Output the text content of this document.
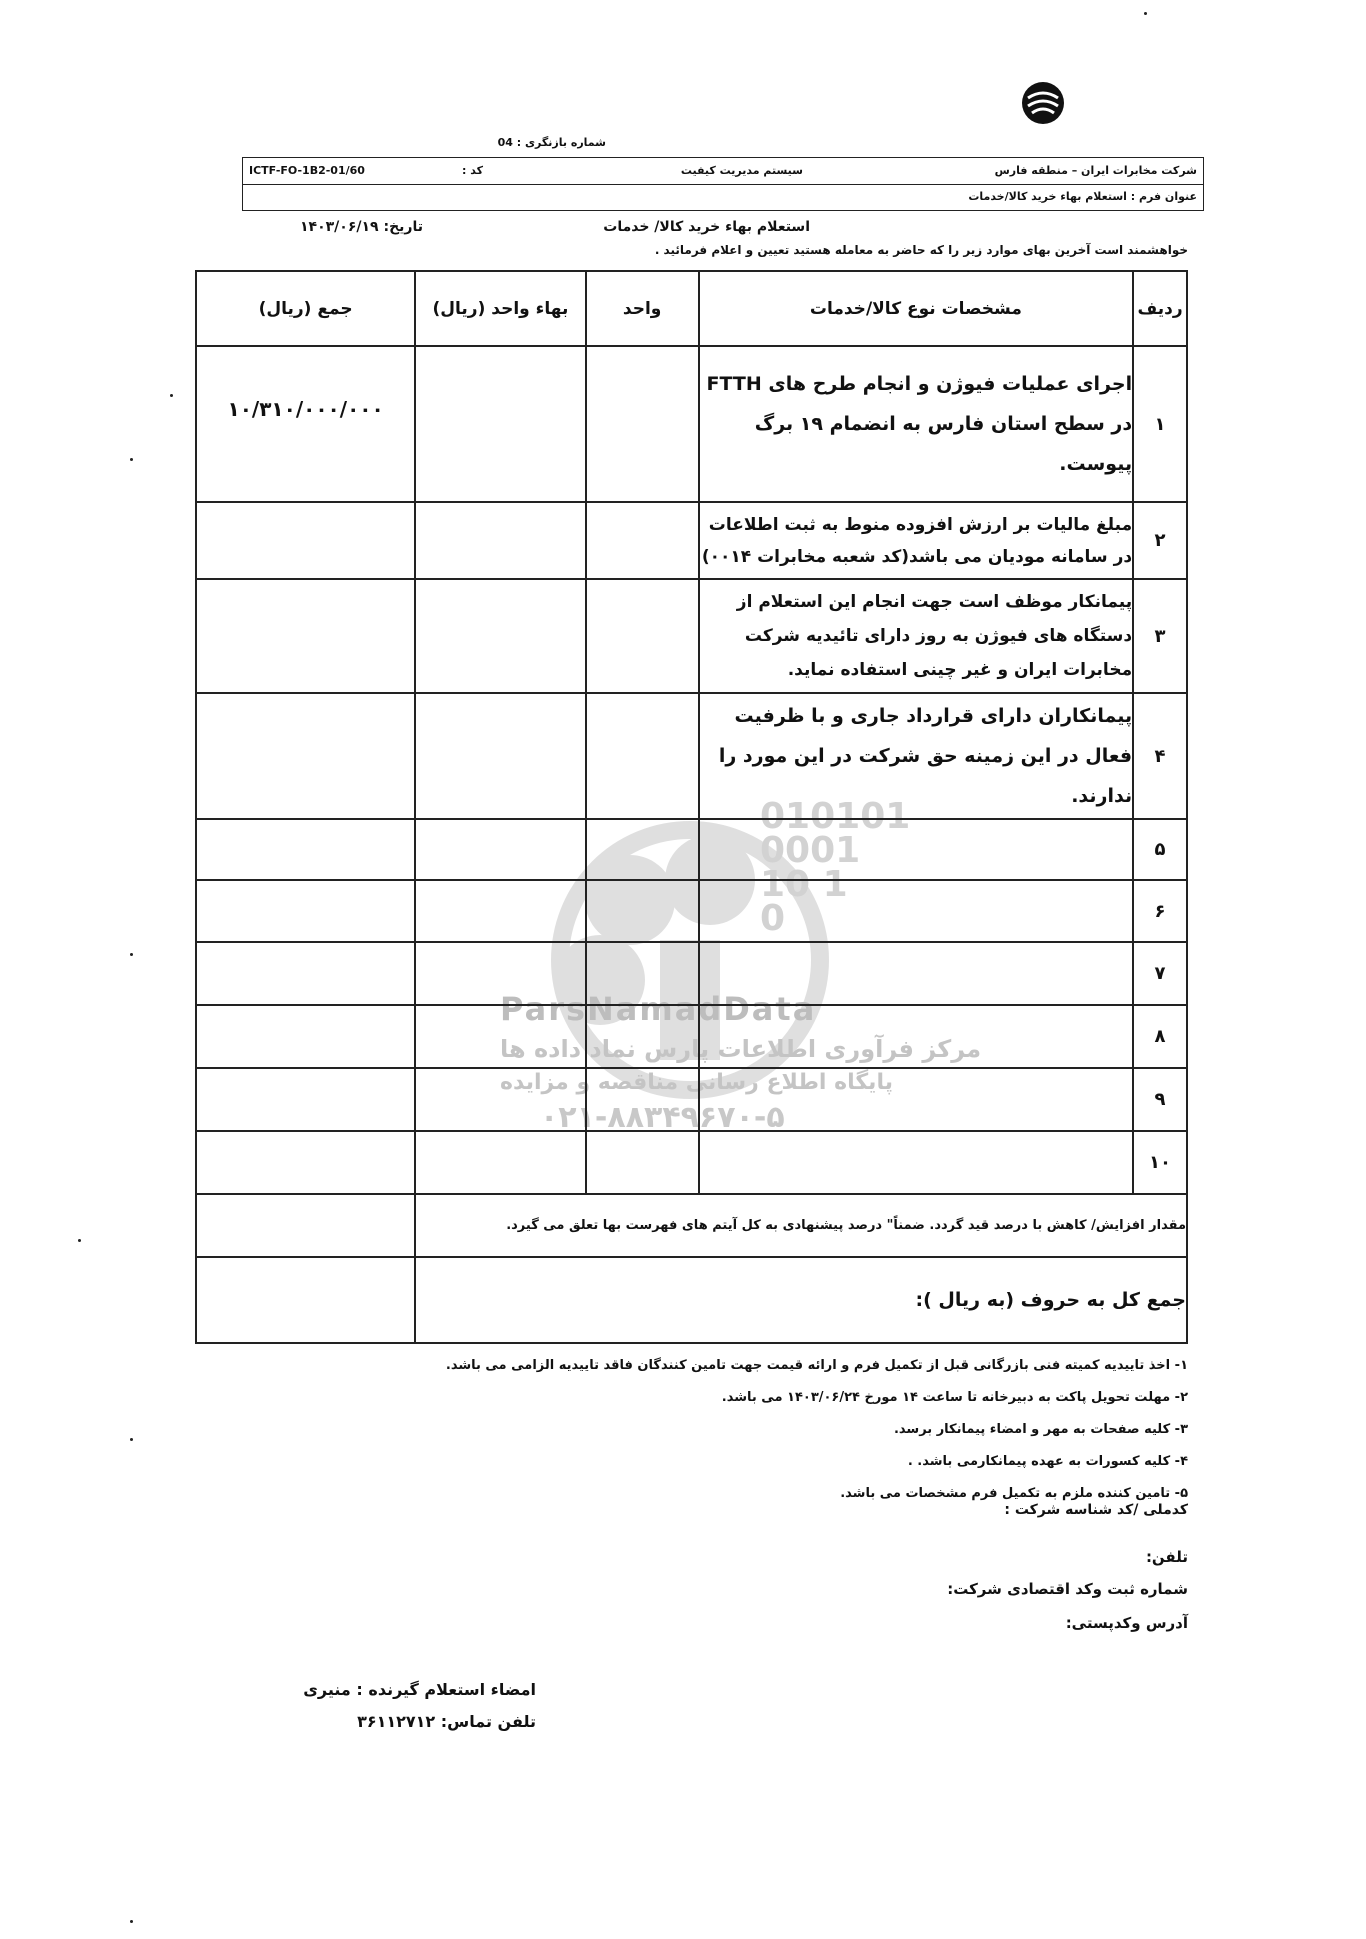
شماره بازنگری : 04
شرکت مخابرات ایران – منطقه فارس
سیستم مدیریت کیفیت
کد :
ICTF-FO-1B2-01/60
عنوان فرم : استعلام بهاء خرید کالا/خدمات
استعلام بهاء خرید کالا/ خدمات
تاریخ: ۱۴۰۳/۰۶/۱۹
خواهشمند است آخرین بهای موارد زیر را که حاضر به معامله هستید تعیین و اعلام فرمائید .
010101 0001 10 1 0
ParsNamadData
مرکز فرآوری اطلاعات پارس نماد داده ها
پایگاه اطلاع رسانی مناقصه و مزایده
۰۲۱-۸۸۳۴۹۶۷۰-۵
ردیف	مشخصات نوع کالا/خدمات	واحد	بهاء واحد (ریال)	جمع (ریال)
۱	اجرای عملیات فیوژن و انجام طرح های FTTH در سطح استان فارس به انضمام ۱۹ برگ پیوست.			۱۰/۳۱۰/۰۰۰/۰۰۰
۲	مبلغ مالیات بر ارزش افزوده منوط به ثبت اطلاعات در سامانه مودیان می باشد(کد شعبه مخابرات ۰۰۱۴)			
۳	پیمانکار موظف است جهت انجام این استعلام از دستگاه های فیوژن به روز دارای تائیدیه شرکت مخابرات ایران و غیر چینی استفاده نماید.			
۴	پیمانکاران دارای قرارداد جاری و با ظرفیت فعال در این زمینه حق شرکت در این مورد را ندارند.			
۵				
۶				
۷				
۸				
۹				
۱۰				
مقدار افزایش/ کاهش با درصد قید گردد. ضمناً" درصد پیشنهادی به کل آیتم های فهرست بها تعلق می گیرد.				
جمع کل به حروف (به ریال ):				
۱- اخذ تاییدیه کمیته فنی بازرگانی قبل از تکمیل فرم و ارائه قیمت جهت تامین کنندگان فاقد تاییدیه الزامی می باشد.
۲- مهلت تحویل پاکت به دبیرخانه تا ساعت ۱۴ مورخ ۱۴۰۳/۰۶/۲۴ می باشد.
۳- کلیه صفحات به مهر و امضاء پیمانکار برسد.
۴- کلیه کسورات به عهده پیمانکارمی باشد. .
۵- تامین کننده ملزم به تکمیل فرم مشخصات می باشد.
کدملی /کد شناسه شرکت :
تلفن:
شماره ثبت وکد اقتصادی شرکت:
آدرس وکدپستی:
امضاء استعلام گیرنده : منیری
تلفن تماس: ۳۶۱۱۲۷۱۲
